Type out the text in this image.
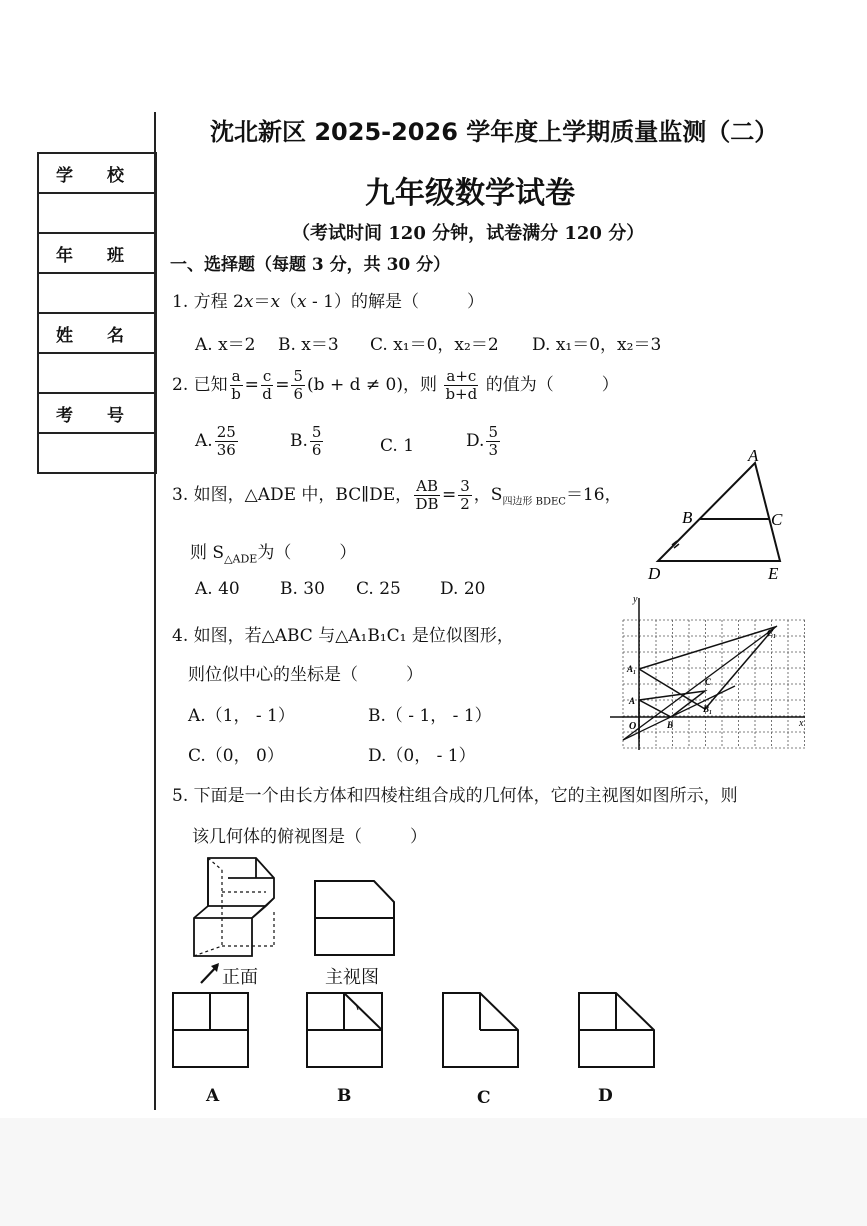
学 校
年 班
姓 名
考 号
沈北新区 2025-2026 学年度上学期质量监测（二）
九年级数学试卷
（考试时间 120 分钟，试卷满分 120 分）
一、选择题（每题 3 分，共 30 分）
1. 方程 2x＝x（x - 1）的解是（	）
A. x＝2 B. x＝3 C. x₁＝0，x₂＝2 D. x₁＝0，x₂＝3
2. 已知 $\frac{a}{b} = \frac{c}{d} = \frac{5}{6} (b + d \ne 0)$，则 $\frac{a+c}{b+d}$ 的值为（	）
A. $\frac{25}{36}$	B. $\frac{5}{6}$	C. 1	D. $\frac{5}{3}$
3. 如图，△ADE 中，BC∥DE， $\frac{AB}{DB} = \frac{3}{2}$ ，$S_{四边形 BDEC}=16$，
则 $S_{\triangle ADE}$为（	）
A. 40 B. 30 C. 25 D. 20
A
B	C
D	E
4. 如图，若△ABC 与△A₁B₁C₁ 是位似图形，
则位似中心的坐标是（	）
A.（1， - 1）	B.（ - 1， - 1）
C.（0， 0）	D.（0， - 1）
x
y
O
A₁
A
B
B₁
C
C₁
5. 下面是一个由长方体和四棱柱组合成的几何体，它的主视图如图所示，则
该几何体的俯视图是（	）
正面	主视图
A	B	C	D
